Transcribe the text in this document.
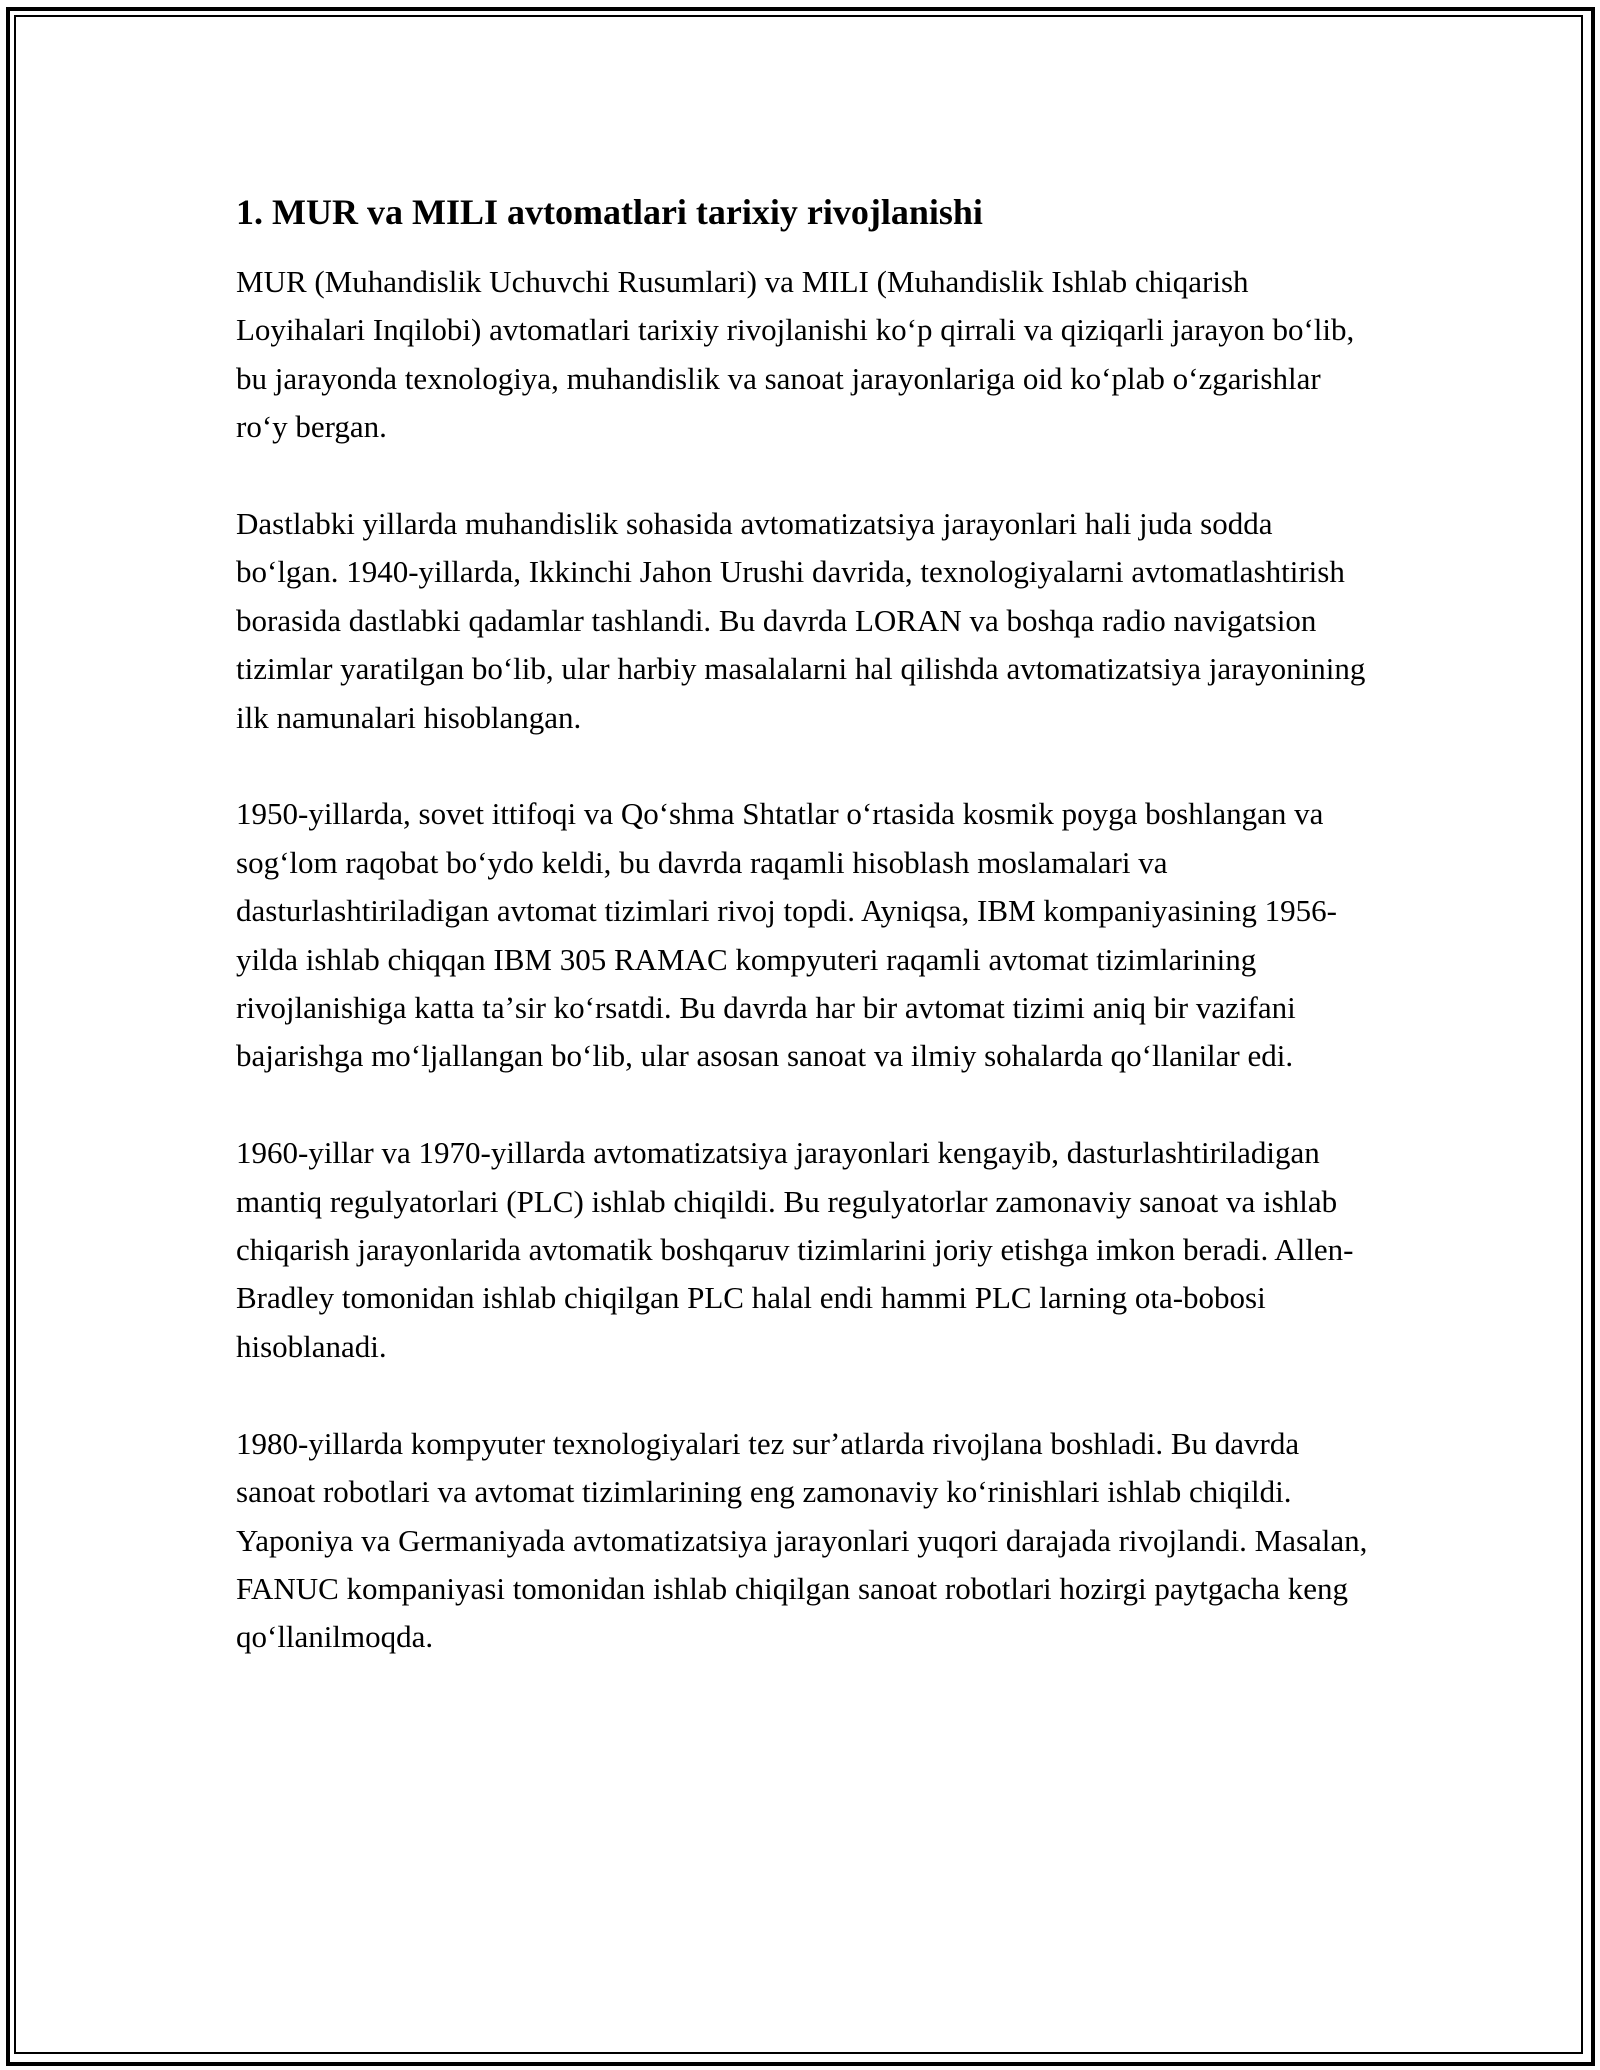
1. MUR va MILI avtomatlari tarixiy rivojlanishi

MUR (Muhandislik Uchuvchi Rusumlari) va MILI (Muhandislik Ishlab chiqarish Loyihalari Inqilobi) avtomatlari tarixiy rivojlanishi koʻp qirrali va qiziqarli jarayon boʻlib, bu jarayonda texnologiya, muhandislik va sanoat jarayonlariga oid koʻplab oʻzgarishlar roʻy bergan.

Dastlabki yillarda muhandislik sohasida avtomatizatsiya jarayonlari hali juda sodda boʻlgan. 1940-yillarda, Ikkinchi Jahon Urushi davrida, texnologiyalarni avtomatlashtirish borasida dastlabki qadamlar tashlandi. Bu davrda LORAN va boshqa radio navigatsion tizimlar yaratilgan boʻlib, ular harbiy masalalarni hal qilishda avtomatizatsiya jarayonining ilk namunalari hisoblangan.

1950-yillarda, sovet ittifoqi va Qoʻshma Shtatlar oʻrtasida kosmik poyga boshlangan va sogʻlom raqobat boʻydo keldi, bu davrda raqamli hisoblash moslamalari va dasturlashtiriladigan avtomat tizimlari rivoj topdi. Ayniqsa, IBM kompaniyasining 1956-yilda ishlab chiqqan IBM 305 RAMAC kompyuteri raqamli avtomat tizimlarining rivojlanishiga katta taʼsir koʻrsatdi. Bu davrda har bir avtomat tizimi aniq bir vazifani bajarishga moʻljallangan boʻlib, ular asosan sanoat va ilmiy sohalarda qoʻllanilar edi.

1960-yillar va 1970-yillarda avtomatizatsiya jarayonlari kengayib, dasturlashtiriladigan mantiq regulyatorlari (PLC) ishlab chiqildi. Bu regulyatorlar zamonaviy sanoat va ishlab chiqarish jarayonlarida avtomatik boshqaruv tizimlarini joriy etishga imkon beradi. Allen-Bradley tomonidan ishlab chiqilgan PLC halal endi hammi PLC larning ota-bobosi hisoblanadi.

1980-yillarda kompyuter texnologiyalari tez surʼatlarda rivojlana boshladi. Bu davrda sanoat robotlari va avtomat tizimlarining eng zamonaviy koʻrinishlari ishlab chiqildi. Yaponiya va Germaniyada avtomatizatsiya jarayonlari yuqori darajada rivojlandi. Masalan, FANUC kompaniyasi tomonidan ishlab chiqilgan sanoat robotlari hozirgi paytgacha keng qoʻllanilmoqda.
